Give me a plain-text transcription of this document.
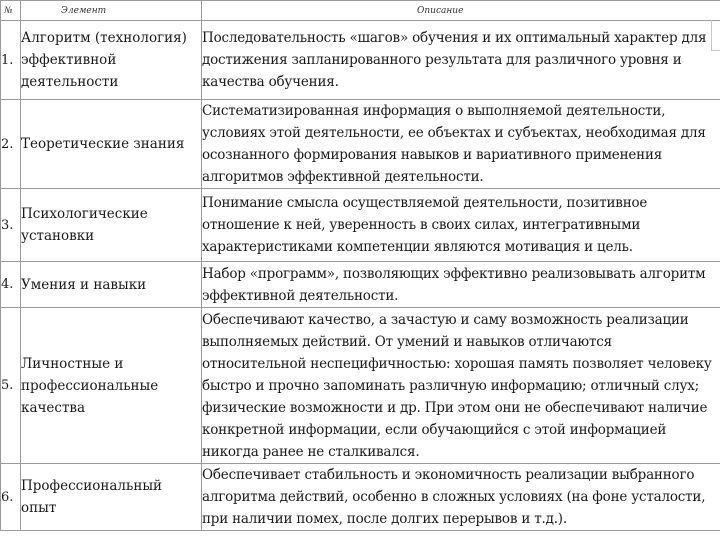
№	Элемент	Описание
1.	Алгоритм (технология) эффективной деятельности	Последовательность «шагов» обучения и их оптимальный характер для достижения запланированного результата для различного уровня и качества обучения.
2.	Теоретические знания	Систематизированная информация о выполняемой деятельности, условиях этой деятельности, ее объектах и субъектах, необходимая для осознанного формирования навыков и вариативного применения алгоритмов эффективной деятельности.
3.	Психологические установки	Понимание смысла осуществляемой деятельности, позитивное отношение к ней, уверенность в своих силах, интегративными характеристиками компетенции являются мотивация и цель.
4.	Умения и навыки	Набор «программ», позволяющих эффективно реализовывать алгоритм эффективной деятельности.
5.	Личностные и профессиональные качества	Обеспечивают качество, а зачастую и саму возможность реализации выполняемых действий. От умений и навыков отличаются относительной неспецифичностью: хорошая память позволяет человеку быстро и прочно запоминать различную информацию; отличный слух; физические возможности и др. При этом они не обеспечивают наличие конкретной информации, если обучающийся с этой информацией никогда ранее не сталкивался.
6.	Профессиональный опыт	Обеспечивает стабильность и экономичность реализации выбранного алгоритма действий, особенно в сложных условиях (на фоне усталости, при наличии помех, после долгих перерывов и т.д.).
